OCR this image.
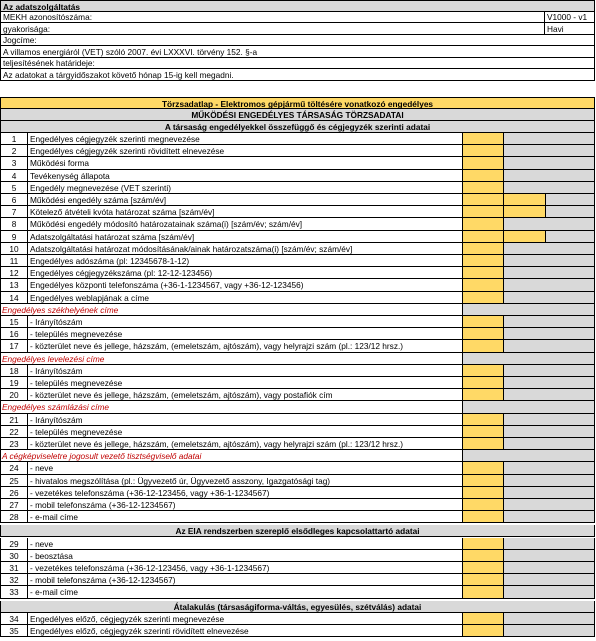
Az adatszolgáltatás
MEKH azonosítószáma:	V1000 - v1
gyakorisága:	Havi
Jogcíme:
A villamos energiáról (VET) szóló 2007. évi LXXXVI. törvény 152. §-a
teljesítésének határideje:
Az adatokat a tárgyidőszakot követő hónap 15-ig kell megadni.
Törzsadatlap - Elektromos gépjármű töltésére vonatkozó engedélyes
MŰKÖDÉSI ENGEDÉLYES TÁRSASÁG TÖRZSADATAI
A társaság engedélyekkel összefüggő és cégjegyzék szerinti adatai
1	Engedélyes cégjegyzék szerinti megnevezése
2	Engedélyes cégjegyzék szerinti rövidített elnevezése
3	Működési forma
4	Tevékenység állapota
5	Engedély megnevezése (VET szerinti)
6	Működési engedély száma [szám/év]
7	Kötelező átvételi kvóta határozat száma [szám/év]
8	Működési engedély módosító határozatainak száma(i) [szám/év; szám/év]
9	Adatszolgáltatási határozat száma [szám/év]
10	Adatszolgáltatási határozat módosításának/ainak határozatszáma(i) [szám/év; szám/év]
11	Engedélyes adószáma (pl: 12345678-1-12)
12	Engedélyes cégjegyzékszáma (pl: 12-12-123456)
13	Engedélyes központi telefonszáma (+36-1-1234567, vagy +36-12-123456)
14	Engedélyes weblapjának a címe
Engedélyes székhelyének címe
15	- Irányítószám
16	- település megnevezése
17	- közterület neve és jellege, házszám, (emeletszám, ajtószám), vagy helyrajzi szám (pl.: 123/12 hrsz.)
Engedélyes levelezési címe
18	- Irányítószám
19	- település megnevezése
20	- közterület neve és jellege, házszám, (emeletszám, ajtószám), vagy postafiók cím
Engedélyes számlázási címe
21	- Irányítószám
22	- település megnevezése
23	- közterület neve és jellege, házszám, (emeletszám, ajtószám), vagy helyrajzi szám (pl.: 123/12 hrsz.)
A cégképviseletre jogosult vezető tisztségviselő adatai
24	- neve
25	- hivatalos megszólítása (pl.: Ügyvezető úr, Ügyvezető asszony, Igazgatósági tag)
26	- vezetékes telefonszáma (+36-12-123456, vagy +36-1-1234567)
27	- mobil telefonszáma (+36-12-1234567)
28	- e-mail címe
Az EIA rendszerben szereplő elsődleges kapcsolattartó adatai
29	- neve
30	- beosztása
31	- vezetékes telefonszáma (+36-12-123456, vagy +36-1-1234567)
32	- mobil telefonszáma (+36-12-1234567)
33	- e-mail címe
Átalakulás (társaságiforma-váltás, egyesülés, szétválás) adatai
34	Engedélyes előző, cégjegyzék szerinti megnevezése
35	Engedélyes előző, cégjegyzék szerinti rövidített elnevezése
